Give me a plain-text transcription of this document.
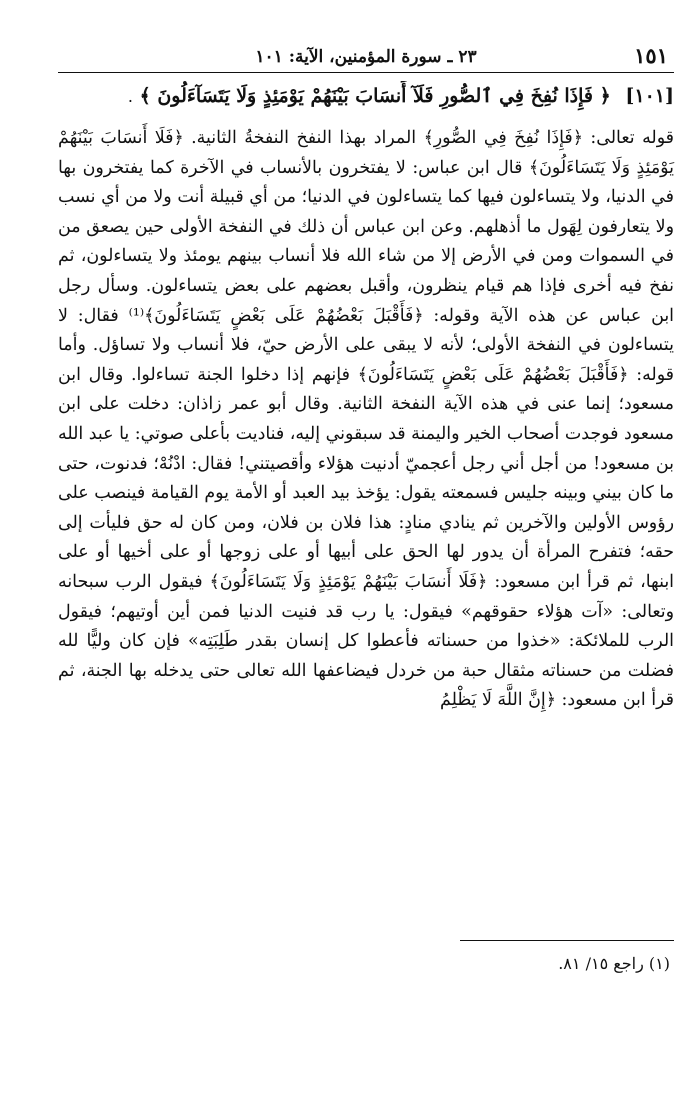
١٥١
٢٣ ـ سورة المؤمنين، الآية: ١٠١
[١٠١] ﴿ فَإِذَا نُفِخَ فِي ٱلصُّورِ فَلَآ أَنسَابَ بَيْنَهُمْ يَوْمَئِذٍ وَلَا يَتَسَآءَلُونَ ﴾ .

قوله تعالى: ﴿فَإِذَا نُفِخَ فِي الصُّورِ﴾ المراد بهذا النفخ النفخةُ الثانية. ﴿فَلَا أَنسَابَ بَيْنَهُمْ يَوْمَئِذٍ وَلَا يَتَسَاءَلُونَ﴾ قال ابن عباس: لا يفتخرون بالأنساب في الآخرة كما يفتخرون بها في الدنيا، ولا يتساءلون فيها كما يتساءلون في الدنيا؛ من أي قبيلة أنت ولا من أي نسب ولا يتعارفون لِهَول ما أذهلهم. وعن ابن عباس أن ذلك في النفخة الأولى حين يصعق من في السموات ومن في الأرض إلا من شاء الله فلا أنساب بينهم يومئذ ولا يتساءلون، ثم نفخ فيه أخرى فإذا هم قيام ينظرون، وأقبل بعضهم على بعض يتساءلون. وسأل رجل ابن عباس عن هذه الآية وقوله: ﴿فَأَقْبَلَ بَعْضُهُمْ عَلَى بَعْضٍ يَتَسَاءَلُونَ﴾⁽¹⁾ فقال: لا يتساءلون في النفخة الأولى؛ لأنه لا يبقى على الأرض حيّ، فلا أنساب ولا تساؤل. وأما قوله: ﴿فَأَقْبَلَ بَعْضُهُمْ عَلَى بَعْضٍ يَتَسَاءَلُونَ﴾ فإنهم إذا دخلوا الجنة تساءلوا. وقال ابن مسعود؛ إنما عنى في هذه الآية النفخة الثانية. وقال أبو عمر زاذان: دخلت على ابن مسعود فوجدت أصحاب الخير واليمنة قد سبقوني إليه، فناديت بأعلى صوتي: يا عبد الله بن مسعود! من أجل أني رجل أعجميّ أدنيت هؤلاء وأقصيتني! فقال: ادْنُهْ؛ فدنوت، حتى ما كان بيني وبينه جليس فسمعته يقول: يؤخذ بيد العبد أو الأمة يوم القيامة فينصب على رؤوس الأولين والآخرين ثم ينادي منادٍ: هذا فلان بن فلان، ومن كان له حق فليأت إلى حقه؛ فتفرح المرأة أن يدور لها الحق على أبيها أو على زوجها أو على أخيها أو على ابنها، ثم قرأ ابن مسعود: ﴿فَلَا أَنسَابَ بَيْنَهُمْ يَوْمَئِذٍ وَلَا يَتَسَاءَلُونَ﴾ فيقول الرب سبحانه وتعالى: «آت هؤلاء حقوقهم» فيقول: يا رب قد فنيت الدنيا فمن أين أوتيهم؛ فيقول الرب للملائكة: «خذوا من حسناته فأعطوا كل إنسان بقدر طَلِبَتِه» فإن كان وليًّا لله فضلت من حسناته مثقال حبة من خردل فيضاعفها الله تعالى حتى يدخله بها الجنة، ثم قرأ ابن مسعود: ﴿إِنَّ اللَّهَ لَا يَظْلِمُ

(١) راجع ١٥/ ٨١.
